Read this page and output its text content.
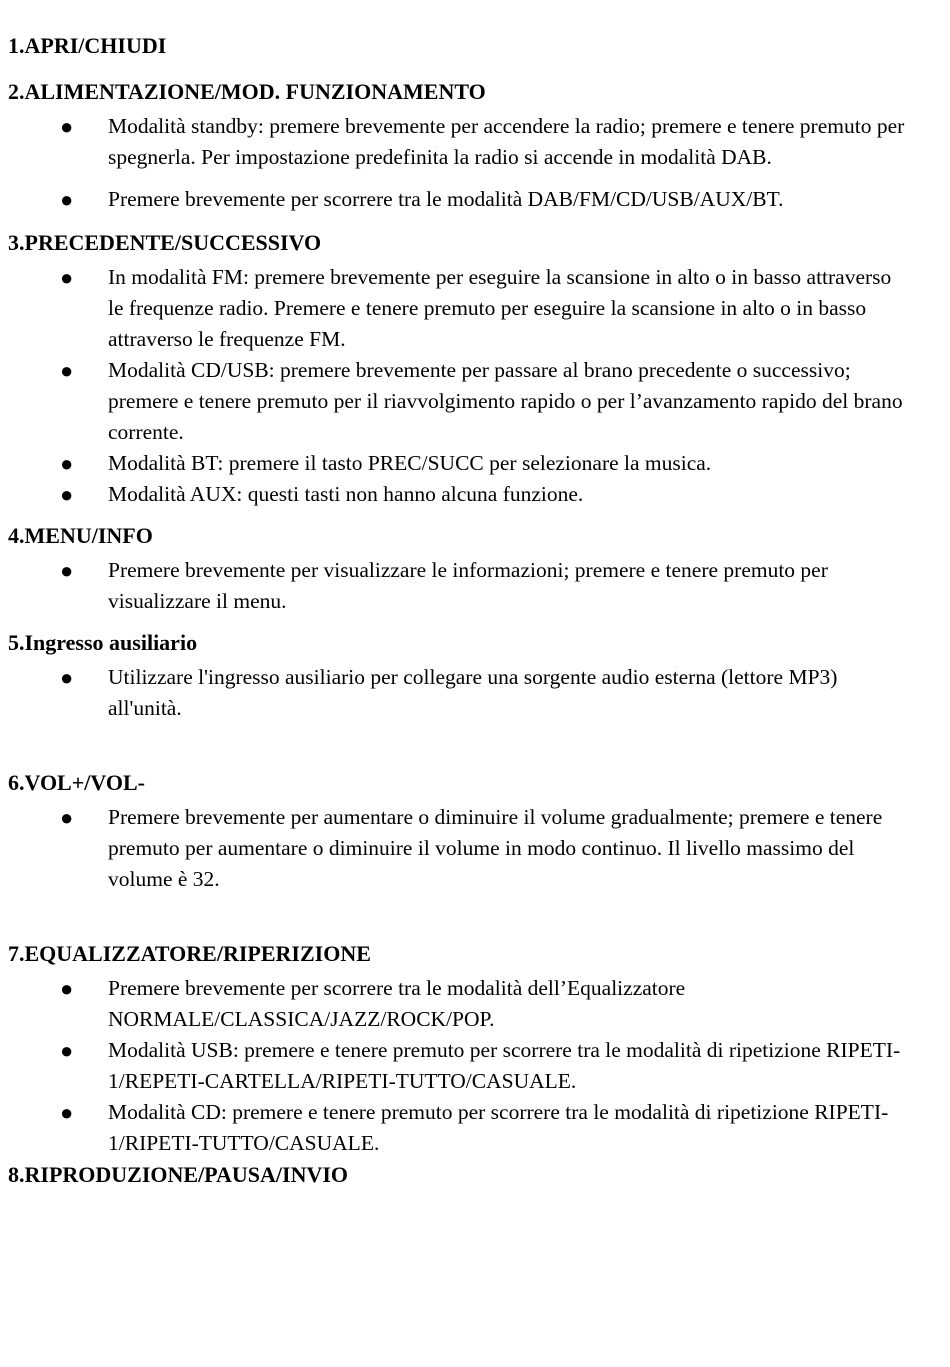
1.APRI/CHIUDI
2.ALIMENTAZIONE/MOD. FUNZIONAMENTO
● Modalità standby: premere brevemente per accendere la radio; premere e tenere premuto per spegnerla. Per impostazione predefinita la radio si accende in modalità DAB.
● Premere brevemente per scorrere tra le modalità DAB/FM/CD/USB/AUX/BT.
3.PRECEDENTE/SUCCESSIVO
● In modalità FM: premere brevemente per eseguire la scansione in alto o in basso attraverso le frequenze radio. Premere e tenere premuto per eseguire la scansione in alto o in basso attraverso le frequenze FM.
● Modalità CD/USB: premere brevemente per passare al brano precedente o successivo; premere e tenere premuto per il riavvolgimento rapido o per l’avanzamento rapido del brano corrente.
● Modalità BT: premere il tasto PREC/SUCC per selezionare la musica.
● Modalità AUX: questi tasti non hanno alcuna funzione.
4.MENU/INFO
● Premere brevemente per visualizzare le informazioni; premere e tenere premuto per visualizzare il menu.
5.Ingresso ausiliario
● Utilizzare l'ingresso ausiliario per collegare una sorgente audio esterna (lettore MP3) all'unità.
6.VOL+/VOL-
● Premere brevemente per aumentare o diminuire il volume gradualmente; premere e tenere premuto per aumentare o diminuire il volume in modo continuo. Il livello massimo del volume è 32.
7.EQUALIZZATORE/RIPERIZIONE
● Premere brevemente per scorrere tra le modalità dell’Equalizzatore NORMALE/CLASSICA/JAZZ/ROCK/POP.
● Modalità USB: premere e tenere premuto per scorrere tra le modalità di ripetizione RIPETI-1/REPETI-CARTELLA/RIPETI-TUTTO/CASUALE.
● Modalità CD: premere e tenere premuto per scorrere tra le modalità di ripetizione RIPETI-1/RIPETI-TUTTO/CASUALE.
8.RIPRODUZIONE/PAUSA/INVIO
